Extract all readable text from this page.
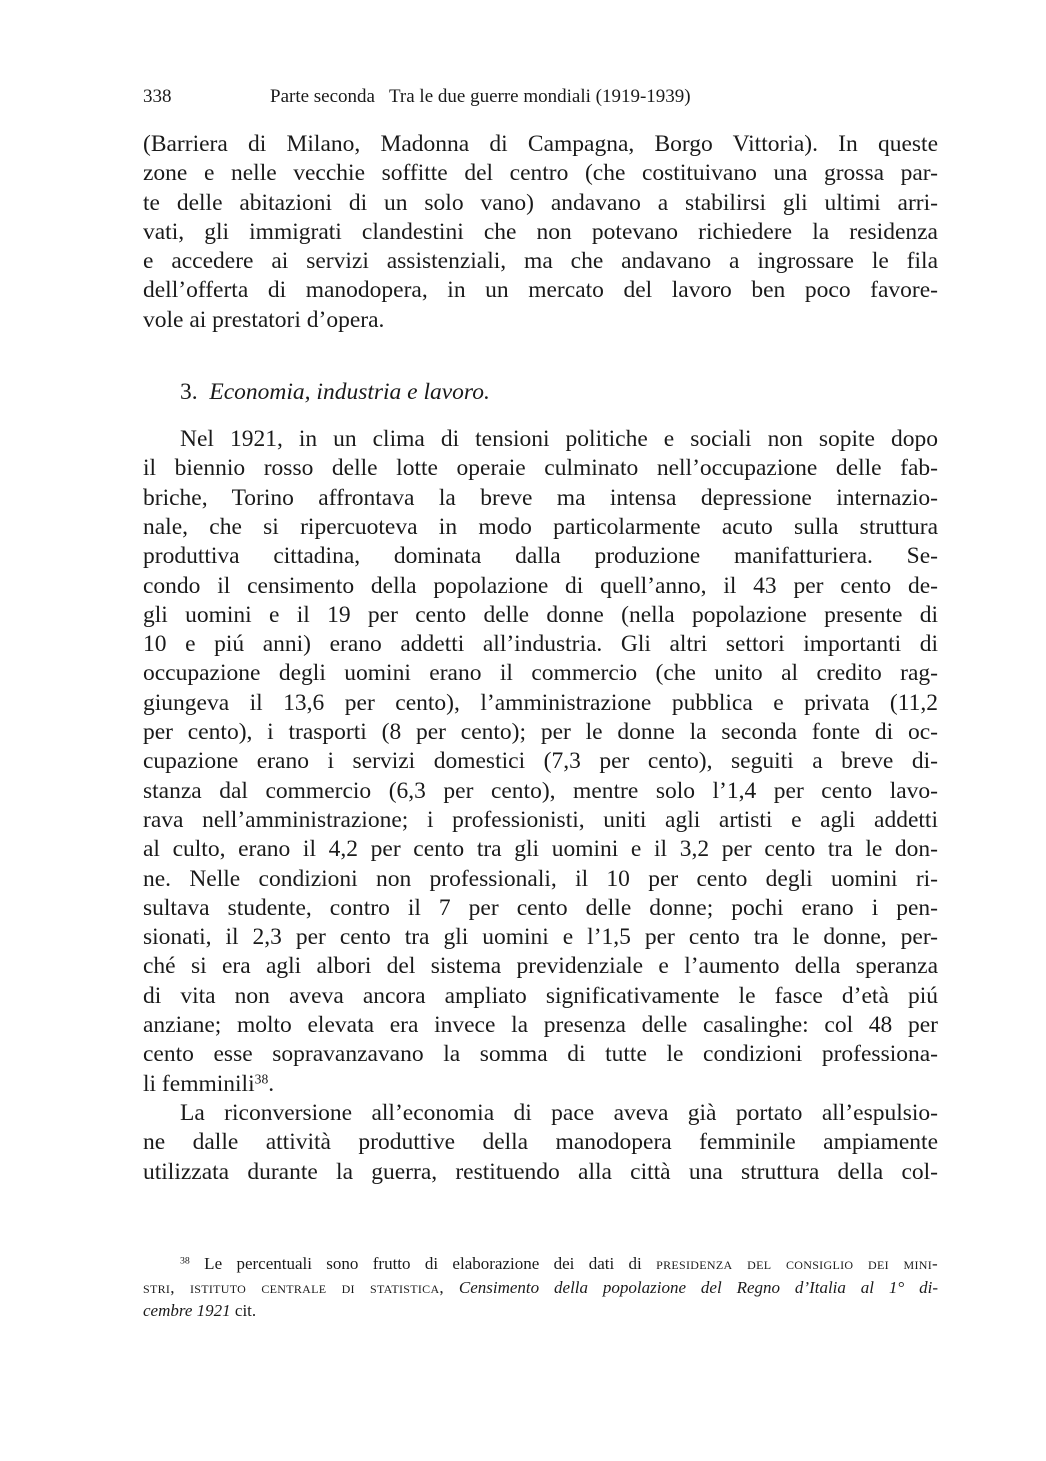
338	Parte seconda Tra le due guerre mondiali (1919-1939)
(Barriera di Milano, Madonna di Campagna, Borgo Vittoria). In queste
zone e nelle vecchie soffitte del centro (che costituivano una grossa par-
te delle abitazioni di un solo vano) andavano a stabilirsi gli ultimi arri-
vati, gli immigrati clandestini che non potevano richiedere la residenza
e accedere ai servizi assistenziali, ma che andavano a ingrossare le fila
dell’offerta di manodopera, in un mercato del lavoro ben poco favore-
vole ai prestatori d’opera.
3. Economia, industria e lavoro.
Nel 1921, in un clima di tensioni politiche e sociali non sopite dopo
il biennio rosso delle lotte operaie culminato nell’occupazione delle fab-
briche, Torino affrontava la breve ma intensa depressione internazio-
nale, che si ripercuoteva in modo particolarmente acuto sulla struttura
produttiva cittadina, dominata dalla produzione manifatturiera. Se-
condo il censimento della popolazione di quell’anno, il 43 per cento de-
gli uomini e il 19 per cento delle donne (nella popolazione presente di
10 e piú anni) erano addetti all’industria. Gli altri settori importanti di
occupazione degli uomini erano il commercio (che unito al credito rag-
giungeva il 13,6 per cento), l’amministrazione pubblica e privata (11,2
per cento), i trasporti (8 per cento); per le donne la seconda fonte di oc-
cupazione erano i servizi domestici (7,3 per cento), seguiti a breve di-
stanza dal commercio (6,3 per cento), mentre solo l’1,4 per cento lavo-
rava nell’amministrazione; i professionisti, uniti agli artisti e agli addetti
al culto, erano il 4,2 per cento tra gli uomini e il 3,2 per cento tra le don-
ne. Nelle condizioni non professionali, il 10 per cento degli uomini ri-
sultava studente, contro il 7 per cento delle donne; pochi erano i pen-
sionati, il 2,3 per cento tra gli uomini e l’1,5 per cento tra le donne, per-
ché si era agli albori del sistema previdenziale e l’aumento della speranza
di vita non aveva ancora ampliato significativamente le fasce d’età piú
anziane; molto elevata era invece la presenza delle casalinghe: col 48 per
cento esse sopravanzavano la somma di tutte le condizioni professiona-
li femminili$^{38}$.
La riconversione all’economia di pace aveva già portato all’espulsio-
ne dalle attività produttive della manodopera femminile ampiamente
utilizzata durante la guerra, restituendo alla città una struttura della col-
$^{38}$ Le percentuali sono frutto di elaborazione dei dati di presidenza del consiglio dei mini-
stri, istituto centrale di statistica, Censimento della popolazione del Regno d’Italia al 1° di-
cembre 1921 cit.
